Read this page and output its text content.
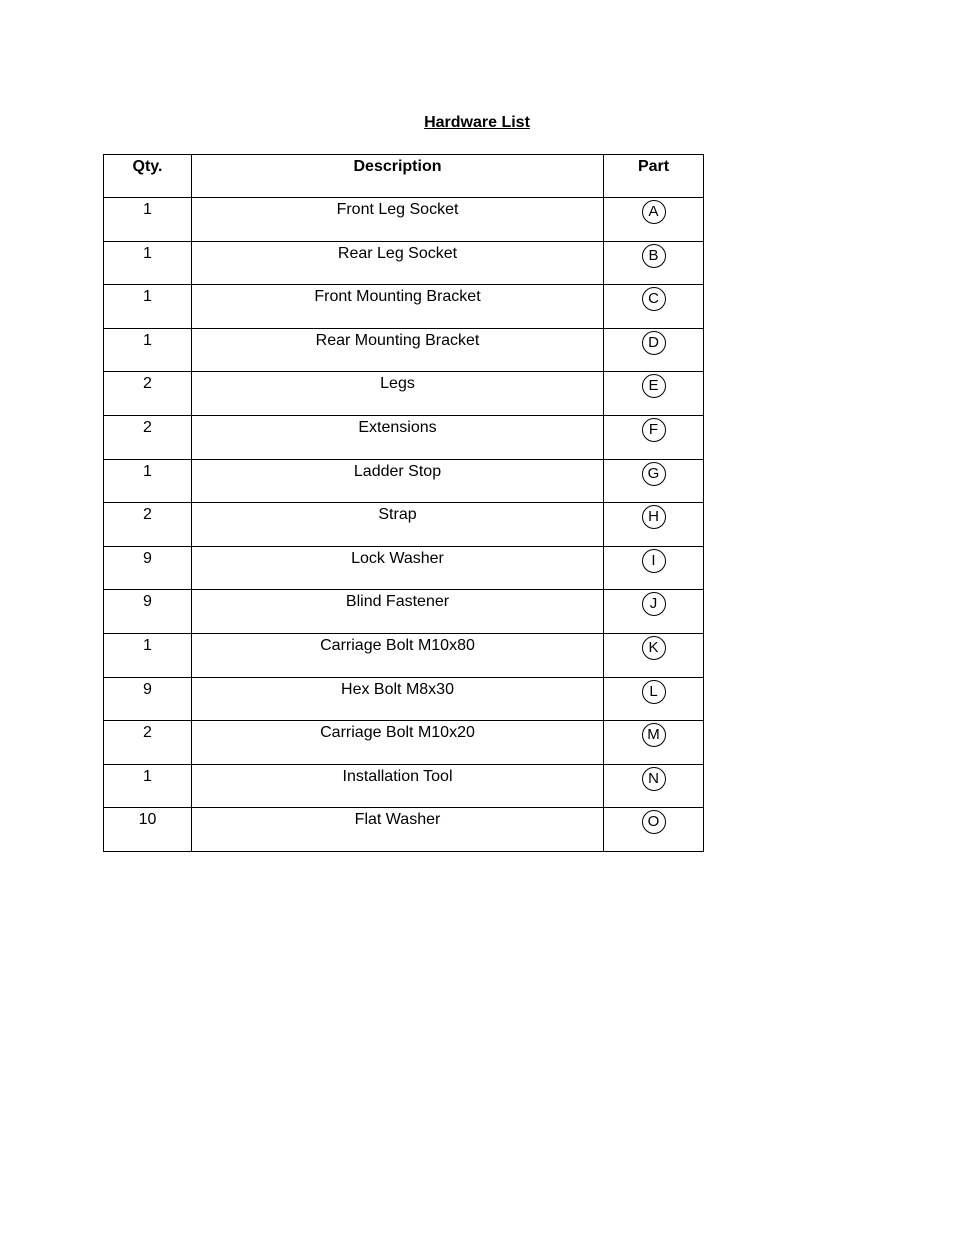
Hardware List
Qty.	Description	Part
1	Front Leg Socket	A
1	Rear Leg Socket	B
1	Front Mounting Bracket	C
1	Rear Mounting Bracket	D
2	Legs	E
2	Extensions	F
1	Ladder Stop	G
2	Strap	H
9	Lock Washer	I
9	Blind Fastener	J
1	Carriage Bolt M10x80	K
9	Hex Bolt M8x30	L
2	Carriage Bolt M10x20	M
1	Installation Tool	N
10	Flat Washer	O
